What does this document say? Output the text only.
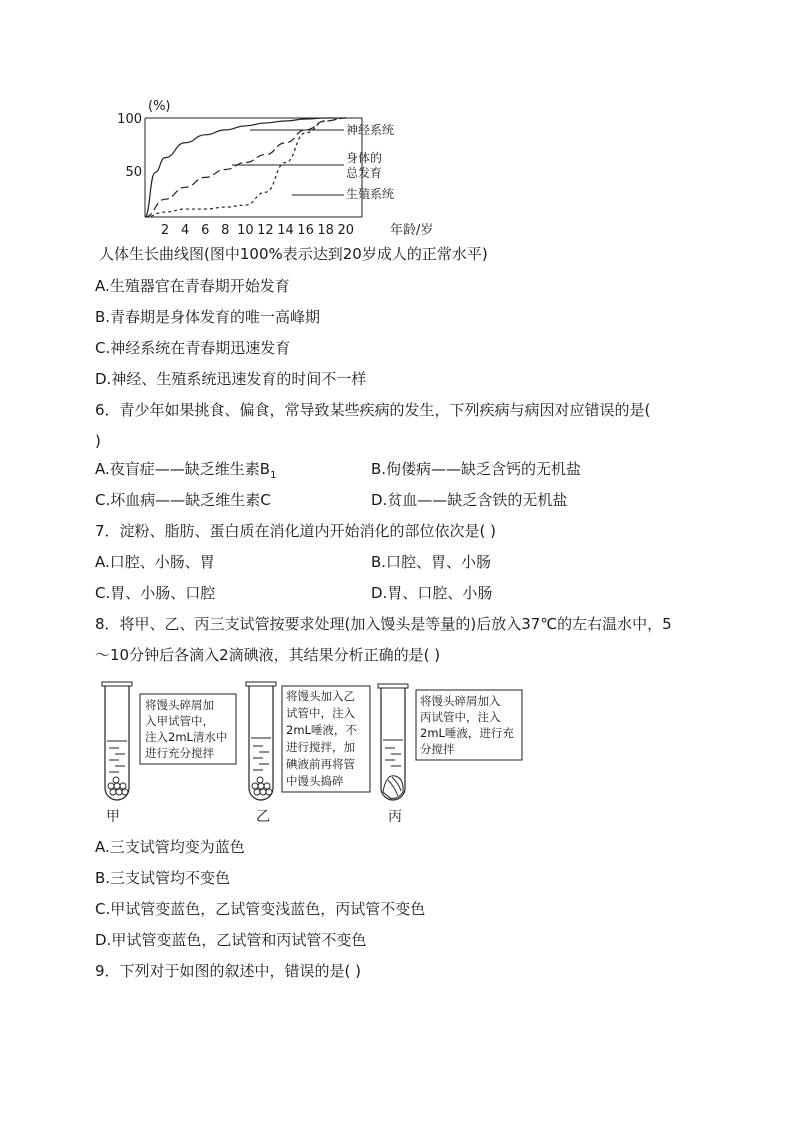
(%)
100
50
2 4 6 8 10 12 14 16 18 20	年龄/岁
神经系统
身体的
总发育
生殖系统
人体生长曲线图(图中100%表示达到20岁成人的正常水平)
A.生殖器官在青春期开始发育
B.青春期是身体发育的唯一高峰期
C.神经系统在青春期迅速发育
D.神经、生殖系统迅速发育的时间不一样
6．青少年如果挑食、偏食，常导致某些疾病的发生，下列疾病与病因对应错误的是(
)
A.夜盲症——缺乏维生素$B_1$	B.佝偻病——缺乏含钙的无机盐
C.坏血病——缺乏维生素C	D.贫血——缺乏含铁的无机盐
7．淀粉、脂肪、蛋白质在消化道内开始消化的部位依次是( )
A.口腔、小肠、胃	B.口腔、胃、小肠
C.胃、小肠、口腔	D.胃、口腔、小肠
8．将甲、乙、丙三支试管按要求处理(加入馒头是等量的)后放入37℃的左右温水中，5
～10分钟后各滴入2滴碘液，其结果分析正确的是( )
将馒头碎屑加
入甲试管中，
注入2mL清水中
进行充分搅拌
甲
将馒头加入乙
试管中，注入
2mL唾液，不
进行搅拌，加
碘液前再将管
中馒头捣碎
乙
将馒头碎屑加入
丙试管中，注入
2mL唾液，进行充
分搅拌
丙
A.三支试管均变为蓝色
B.三支试管均不变色
C.甲试管变蓝色，乙试管变浅蓝色，丙试管不变色
D.甲试管变蓝色，乙试管和丙试管不变色
9．下列对于如图的叙述中，错误的是( )
